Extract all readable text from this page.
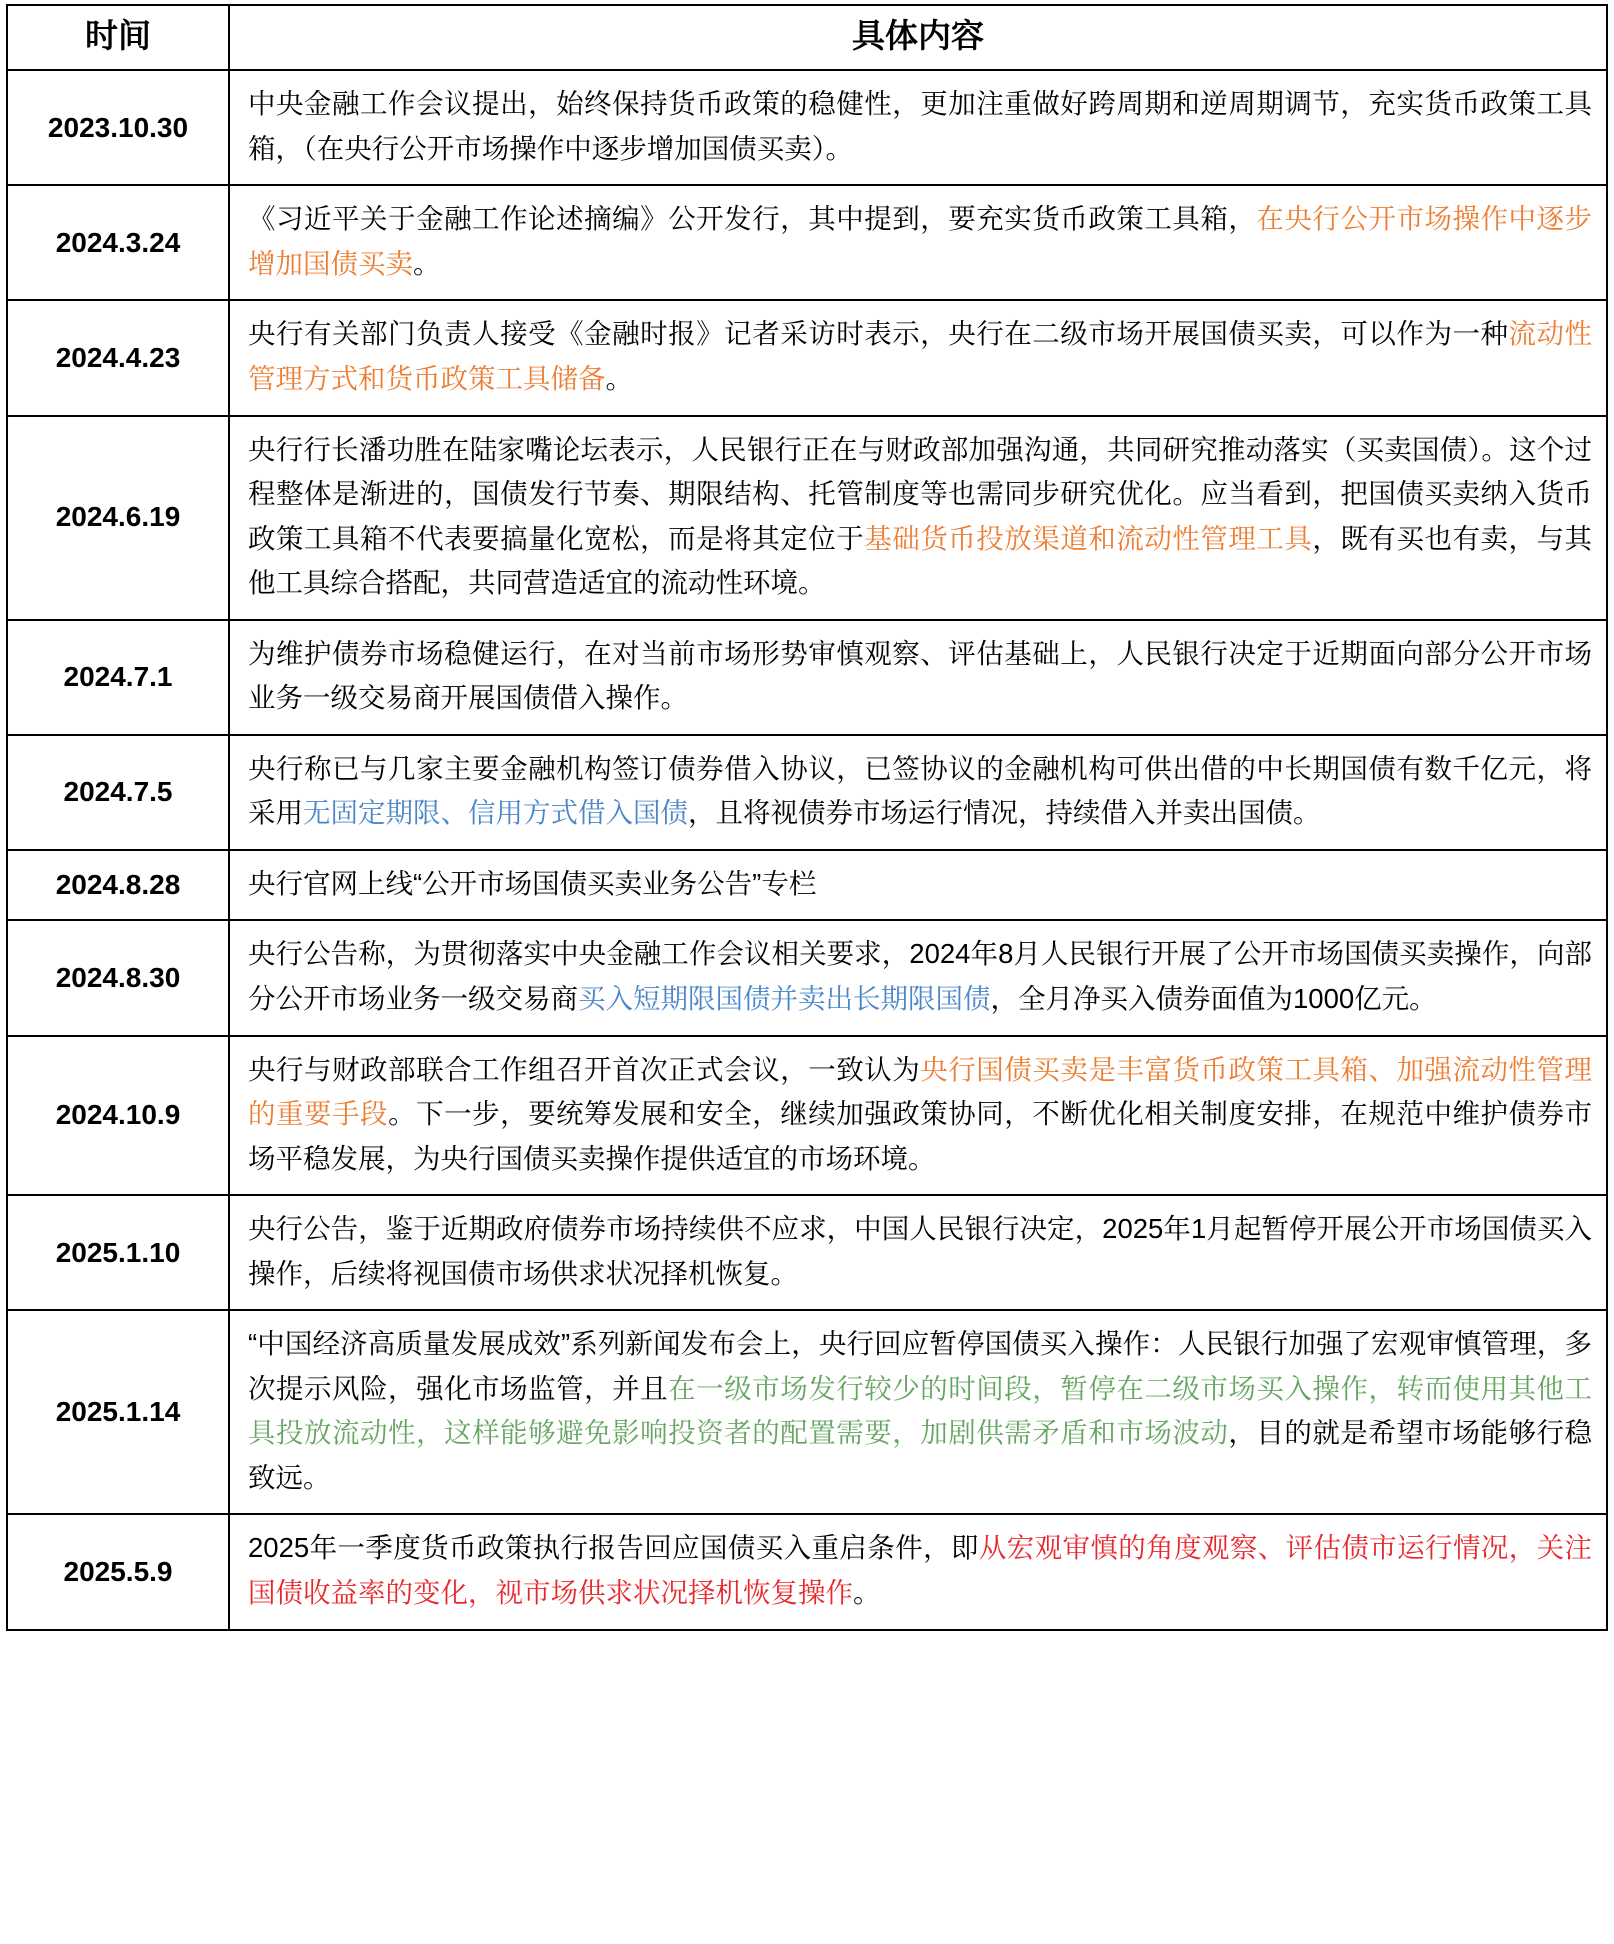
时间	具体内容
2023.10.30	中央金融工作会议提出，始终保持货币政策的稳健性，更加注重做好跨周期和逆周期调节，充实货币政策工具箱，（在央行公开市场操作中逐步增加国债买卖）。

2024.3.24	《习近平关于金融工作论述摘编》公开发行，其中提到，要充实货币政策工具箱，在央行公开市场操作中逐步增加国债买卖。

2024.4.23	央行有关部门负责人接受《金融时报》记者采访时表示，央行在二级市场开展国债买卖，可以作为一种流动性管理方式和货币政策工具储备。

2024.6.19	央行行长潘功胜在陆家嘴论坛表示，人民银行正在与财政部加强沟通，共同研究推动落实（买卖国债）。这个过程整体是渐进的，国债发行节奏、期限结构、托管制度等也需同步研究优化。应当看到，把国债买卖纳入货币政策工具箱不代表要搞量化宽松，而是将其定位于基础货币投放渠道和流动性管理工具，既有买也有卖，与其他工具综合搭配，共同营造适宜的流动性环境。

2024.7.1	为维护债券市场稳健运行，在对当前市场形势审慎观察、评估基础上，人民银行决定于近期面向部分公开市场业务一级交易商开展国债借入操作。

2024.7.5	央行称已与几家主要金融机构签订债券借入协议，已签协议的金融机构可供出借的中长期国债有数千亿元，将采用无固定期限、信用方式借入国债，且将视债券市场运行情况，持续借入并卖出国债。

2024.8.28	央行官网上线“公开市场国债买卖业务公告”专栏

2024.8.30	央行公告称，为贯彻落实中央金融工作会议相关要求，2024年8月人民银行开展了公开市场国债买卖操作，向部分公开市场业务一级交易商买入短期限国债并卖出长期限国债，全月净买入债券面值为1000亿元。

2024.10.9	央行与财政部联合工作组召开首次正式会议，一致认为央行国债买卖是丰富货币政策工具箱、加强流动性管理的重要手段。下一步，要统筹发展和安全，继续加强政策协同，不断优化相关制度安排，在规范中维护债券市场平稳发展，为央行国债买卖操作提供适宜的市场环境。

2025.1.10	央行公告，鉴于近期政府债券市场持续供不应求，中国人民银行决定，2025年1月起暂停开展公开市场国债买入操作，后续将视国债市场供求状况择机恢复。

2025.1.14	“中国经济高质量发展成效”系列新闻发布会上，央行回应暂停国债买入操作：人民银行加强了宏观审慎管理，多次提示风险，强化市场监管，并且在一级市场发行较少的时间段，暂停在二级市场买入操作，转而使用其他工具投放流动性，这样能够避免影响投资者的配置需要，加剧供需矛盾和市场波动，目的就是希望市场能够行稳致远。

2025.5.9	2025年一季度货币政策执行报告回应国债买入重启条件，即从宏观审慎的角度观察、评估债市运行情况，关注国债收益率的变化，视市场供求状况择机恢复操作。
